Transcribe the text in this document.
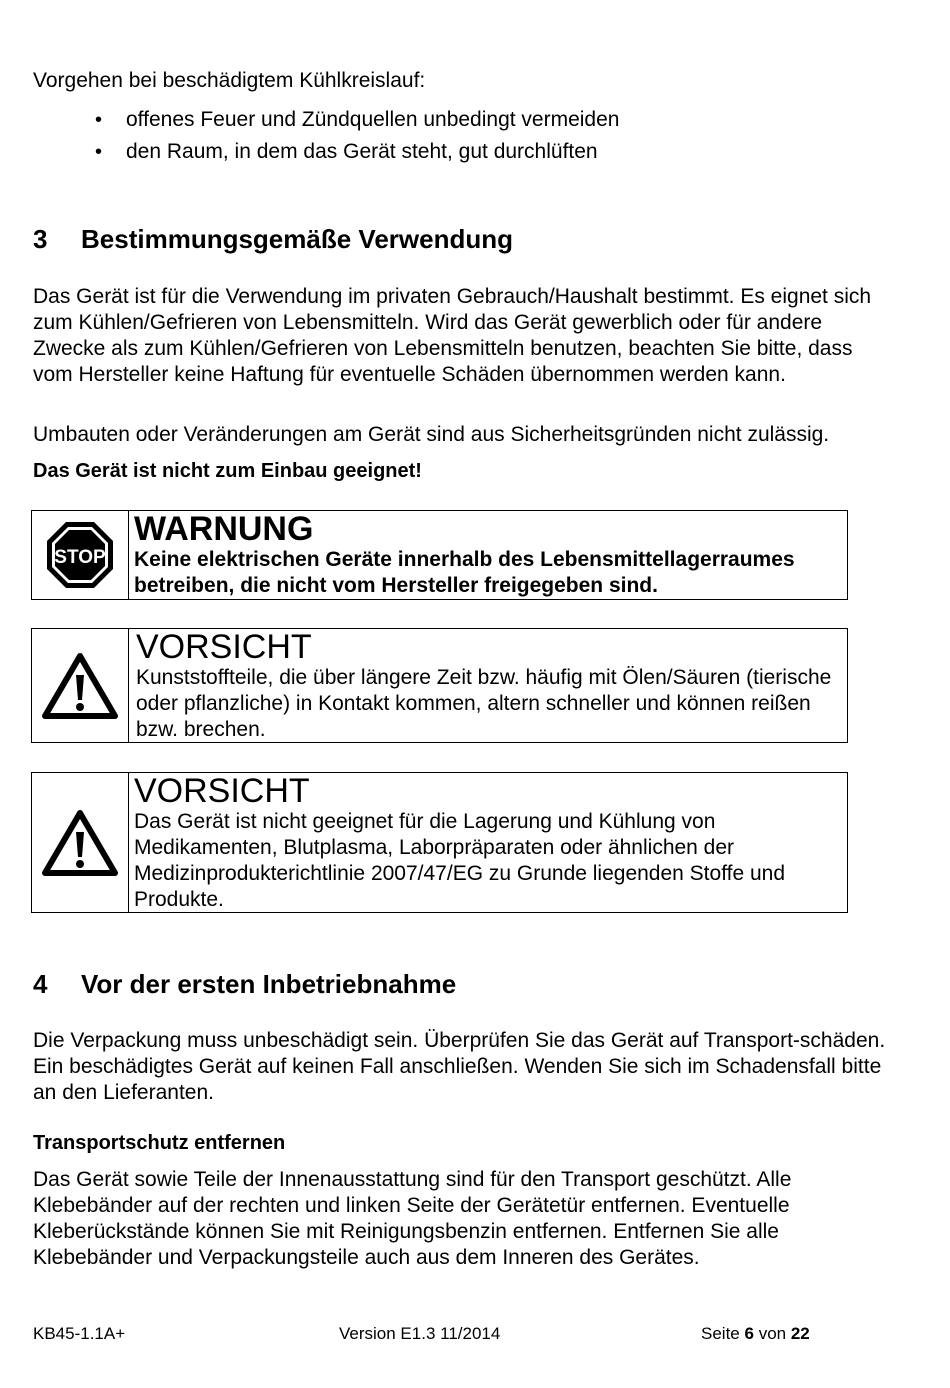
Vorgehen bei beschädigtem Kühlkreislauf:

• offenes Feuer und Zündquellen unbedingt vermeiden
• den Raum, in dem das Gerät steht, gut durchlüften
3 Bestimmungsgemäße Verwendung

Das Gerät ist für die Verwendung im privaten Gebrauch/Haushalt bestimmt. Es eignet sich zum Kühlen/Gefrieren von Lebensmitteln. Wird das Gerät gewerblich oder für andere Zwecke als zum Kühlen/Gefrieren von Lebensmitteln benutzen, beachten Sie bitte, dass vom Hersteller keine Haftung für eventuelle Schäden übernommen werden kann.

Umbauten oder Veränderungen am Gerät sind aus Sicherheitsgründen nicht zulässig.

Das Gerät ist nicht zum Einbau geeignet!

STOP
WARNUNG
Keine elektrischen Geräte innerhalb des Lebensmittellagerraumes betreiben, die nicht vom Hersteller freigegeben sind.
VORSICHT
Kunststoffteile, die über längere Zeit bzw. häufig mit Ölen/Säuren (tierische oder pflanzliche) in Kontakt kommen, altern schneller und können reißen bzw. brechen.
VORSICHT
Das Gerät ist nicht geeignet für die Lagerung und Kühlung von Medikamenten, Blutplasma, Laborpräparaten oder ähnlichen der Medizinprodukterichtlinie 2007/47/EG zu Grunde liegenden Stoffe und Produkte.
4 Vor der ersten Inbetriebnahme

Die Verpackung muss unbeschädigt sein. Überprüfen Sie das Gerät auf Transport-schäden. Ein beschädigtes Gerät auf keinen Fall anschließen. Wenden Sie sich im Schadensfall bitte an den Lieferanten.

Transportschutz entfernen

Das Gerät sowie Teile der Innenausstattung sind für den Transport geschützt. Alle Klebebänder auf der rechten und linken Seite der Gerätetür entfernen. Eventuelle Kleberückstände können Sie mit Reinigungsbenzin entfernen. Entfernen Sie alle Klebebänder und Verpackungsteile auch aus dem Inneren des Gerätes.

KB45-1.1A+	Version E1.3 11/2014	Seite 6 von 22
